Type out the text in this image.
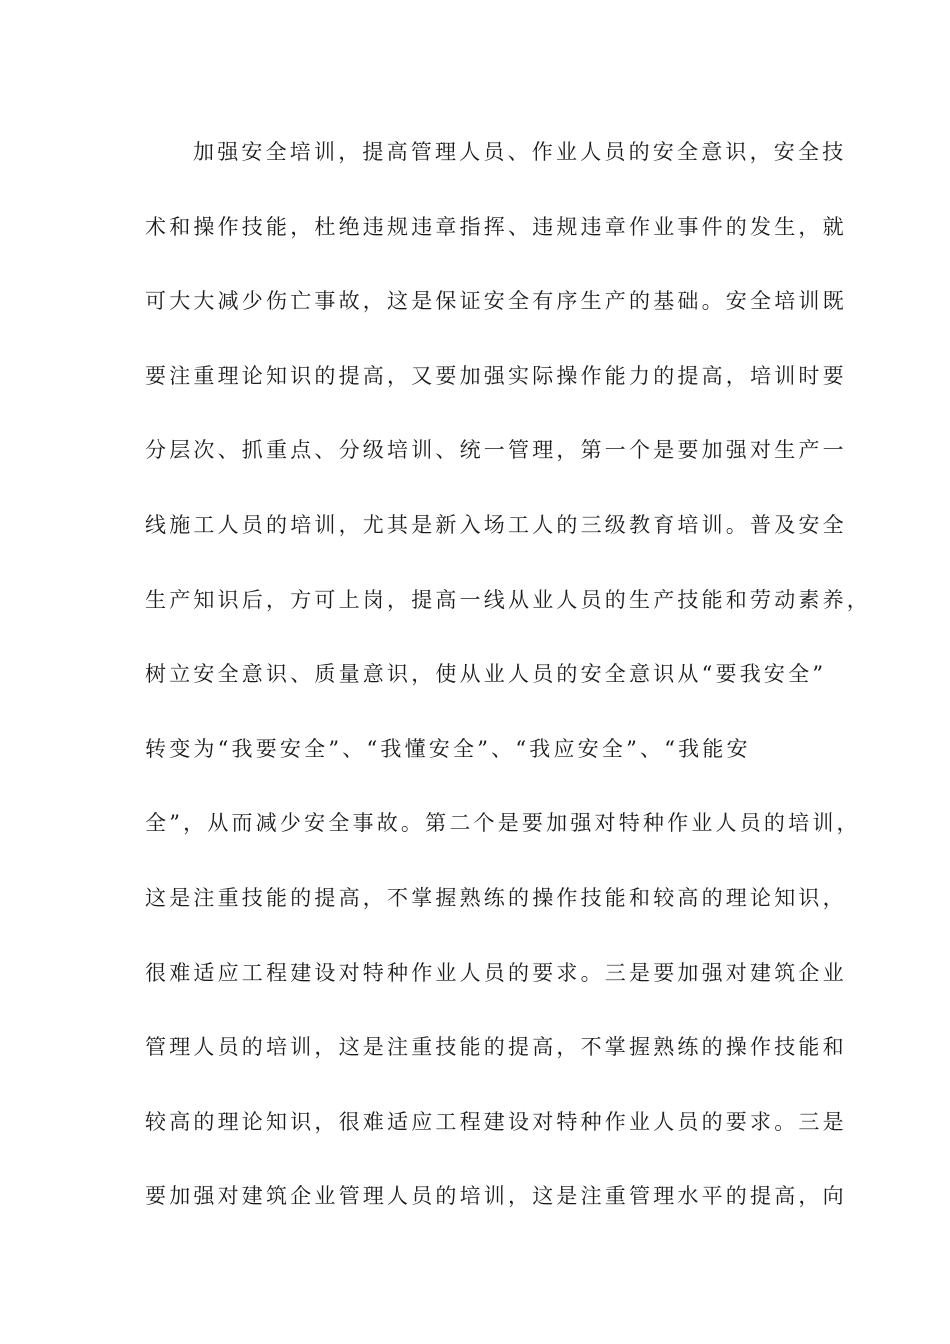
加强安全培训，提高管理人员、作业人员的安全意识，安全技
术和操作技能，杜绝违规违章指挥、违规违章作业事件的发生，就
可大大减少伤亡事故，这是保证安全有序生产的基础。安全培训既
要注重理论知识的提高，又要加强实际操作能力的提高，培训时要
分层次、抓重点、分级培训、统一管理，第一个是要加强对生产一
线施工人员的培训，尤其是新入场工人的三级教育培训。普及安全
生产知识后，方可上岗，提高一线从业人员的生产技能和劳动素养，
树立安全意识、质量意识，使从业人员的安全意识从“要我安全”
转变为“我要安全”、“我懂安全”、“我应安全”、“我能安
全”，从而减少安全事故。第二个是要加强对特种作业人员的培训，
这是注重技能的提高，不掌握熟练的操作技能和较高的理论知识，
很难适应工程建设对特种作业人员的要求。三是要加强对建筑企业
管理人员的培训，这是注重技能的提高，不掌握熟练的操作技能和
较高的理论知识，很难适应工程建设对特种作业人员的要求。三是
要加强对建筑企业管理人员的培训，这是注重管理水平的提高，向
